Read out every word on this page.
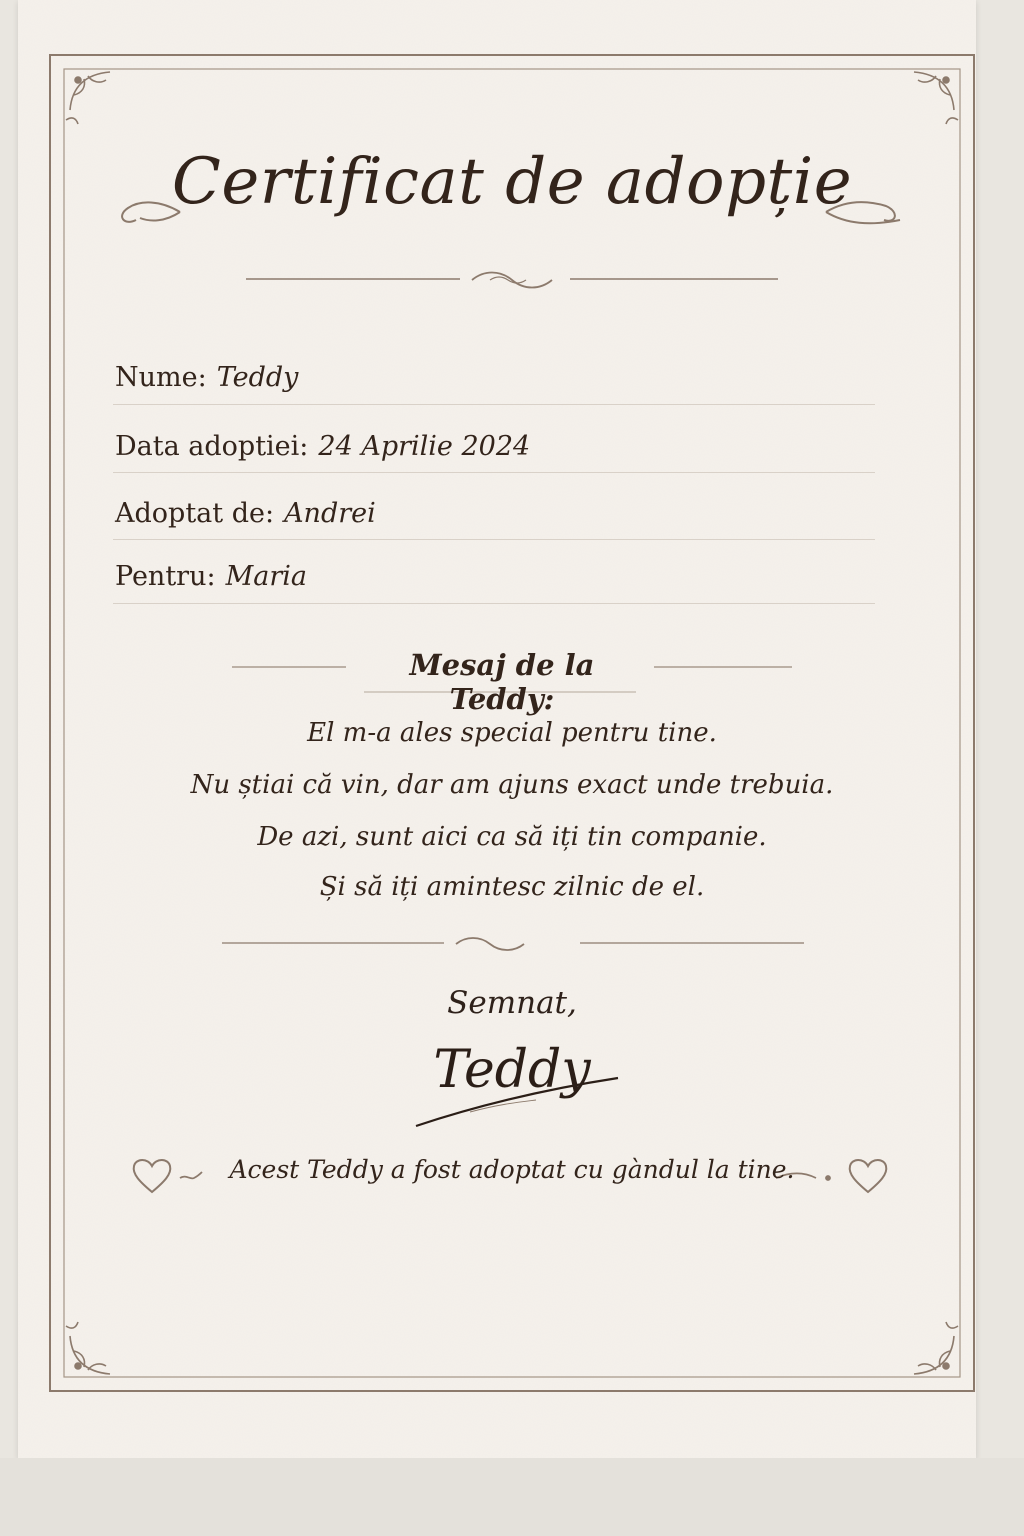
Certificat de adopție
Nume: Teddy
Data adoptiei: 24 Aprilie 2024
Adoptat de: Andrei
Pentru: Maria
Mesaj de la Teddy:
El m-a ales special pentru tine.
Nu știai că vin, dar am ajuns exact unde trebuia.
De azi, sunt aici ca să iți tin companie.
Și să iți amintesc zilnic de el.
Semnat,
Teddy
Acest Teddy a fost adoptat cu gàndul la tine.
